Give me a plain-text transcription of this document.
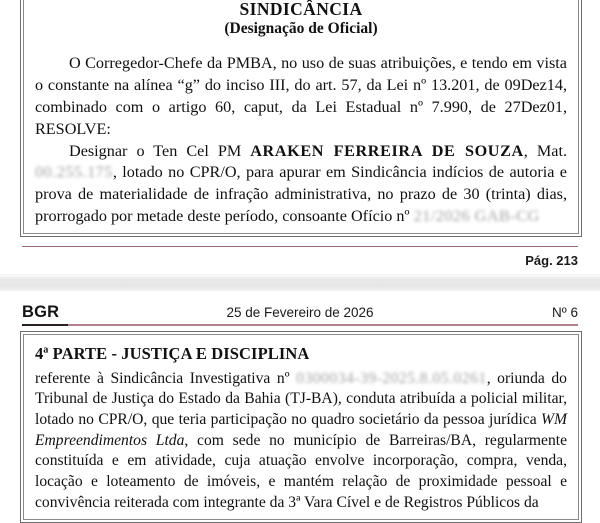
SINDICÂNCIA
(Designação de Oficial)

O Corregedor-Chefe da PMBA, no uso de suas atribuições, e tendo em vista o constante na alínea “g” do inciso III, do art. 57, da Lei nº 13.201, de 09Dez14, combinado com o artigo 60, caput, da Lei Estadual nº 7.990, de 27Dez01, RESOLVE:

Designar o Ten Cel PM ARAKEN FERREIRA DE SOUZA, Mat. 00.255.175, lotado no CPR/O, para apurar em Sindicância indícios de autoria e prova de materialidade de infração administrativa, no prazo de 30 (trinta) dias, prorrogado por metade deste período, consoante Ofício nº 21/2026 GAB-CG

Pág. 213
BGR	25 de Fevereiro de 2026	Nº 6
4ª PARTE - JUSTIÇA E DISCIPLINA

referente à Sindicância Investigativa nº 0300034-39-2025.8.05.0261, oriunda do Tribunal de Justiça do Estado da Bahia (TJ-BA), conduta atribuída a policial militar, lotado no CPR/O, que teria participação no quadro societário da pessoa jurídica WM Empreendimentos Ltda, com sede no município de Barreiras/BA, regularmente constituída e em atividade, cuja atuação envolve incorporação, compra, venda, locação e loteamento de imóveis, e mantém relação de proximidade pessoal e convivência reiterada com integrante da 3ª Vara Cível e de Registros Públicos da
